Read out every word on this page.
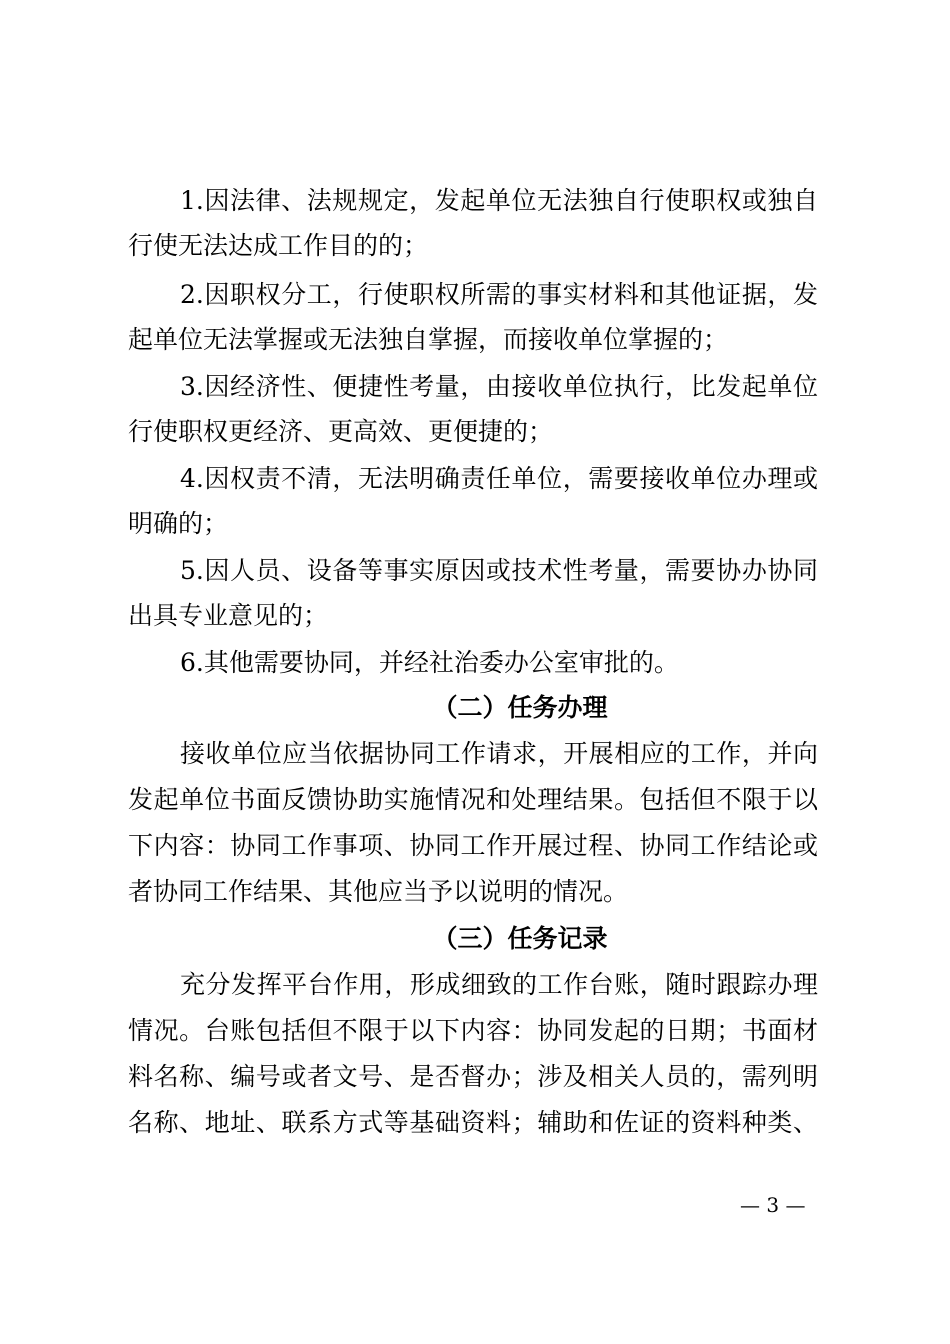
1.因法律、法规规定，发起单位无法独自行使职权或独自
行使无法达成工作目的的；
2.因职权分工，行使职权所需的事实材料和其他证据，发
起单位无法掌握或无法独自掌握，而接收单位掌握的；
3.因经济性、便捷性考量，由接收单位执行，比发起单位
行使职权更经济、更高效、更便捷的；
4.因权责不清，无法明确责任单位，需要接收单位办理或
明确的；
5.因人员、设备等事实原因或技术性考量，需要协办协同
出具专业意见的；
6.其他需要协同，并经社治委办公室审批的。
（二）任务办理
接收单位应当依据协同工作请求，开展相应的工作，并向
发起单位书面反馈协助实施情况和处理结果。包括但不限于以
下内容：协同工作事项、协同工作开展过程、协同工作结论或
者协同工作结果、其他应当予以说明的情况。
（三）任务记录
充分发挥平台作用，形成细致的工作台账，随时跟踪办理
情况。台账包括但不限于以下内容：协同发起的日期；书面材
料名称、编号或者文号、是否督办；涉及相关人员的，需列明
名称、地址、联系方式等基础资料；辅助和佐证的资料种类、
— 3 —
